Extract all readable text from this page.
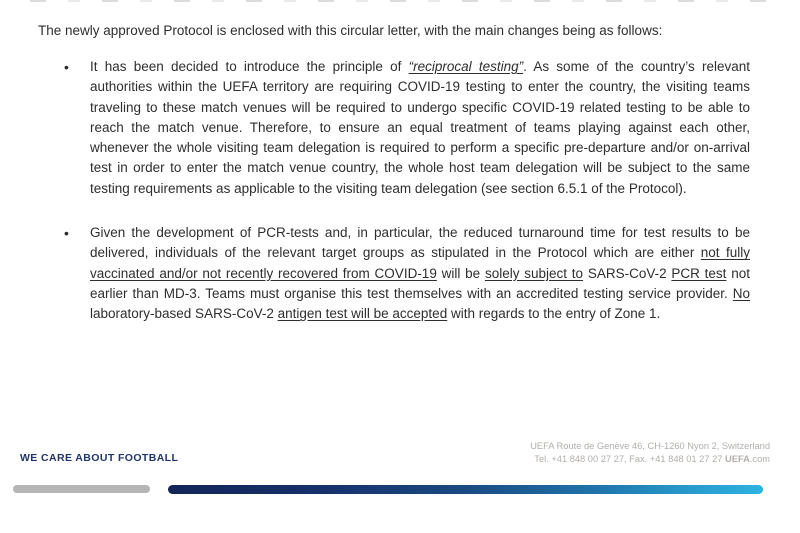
The newly approved Protocol is enclosed with this circular letter, with the main changes being as follows:

•	It has been decided to introduce the principle of “reciprocal testing”. As some of the country’s relevant authorities within the UEFA territory are requiring COVID-19 testing to enter the country, the visiting teams traveling to these match venues will be required to undergo specific COVID-19 related testing to be able to reach the match venue. Therefore, to ensure an equal treatment of teams playing against each other, whenever the whole visiting team delegation is required to perform a specific pre-departure and/or on-arrival test in order to enter the match venue country, the whole host team delegation will be subject to the same testing requirements as applicable to the visiting team delegation (see section 6.5.1 of the Protocol).
•	Given the development of PCR-tests and, in particular, the reduced turnaround time for test results to be delivered, individuals of the relevant target groups as stipulated in the Protocol which are either not fully vaccinated and/or not recently recovered from COVID-19 will be solely subject to SARS-CoV-2 PCR test not earlier than MD-3. Teams must organise this test themselves with an accredited testing service provider. No laboratory-based SARS-CoV-2 antigen test will be accepted with regards to the entry of Zone 1.
WE CARE ABOUT FOOTBALL
UEFA Route de Genève 46, CH-1260 Nyon 2, Switzerland
Tel. +41 848 00 27 27, Fax. +41 848 01 27 27 UEFA.com
